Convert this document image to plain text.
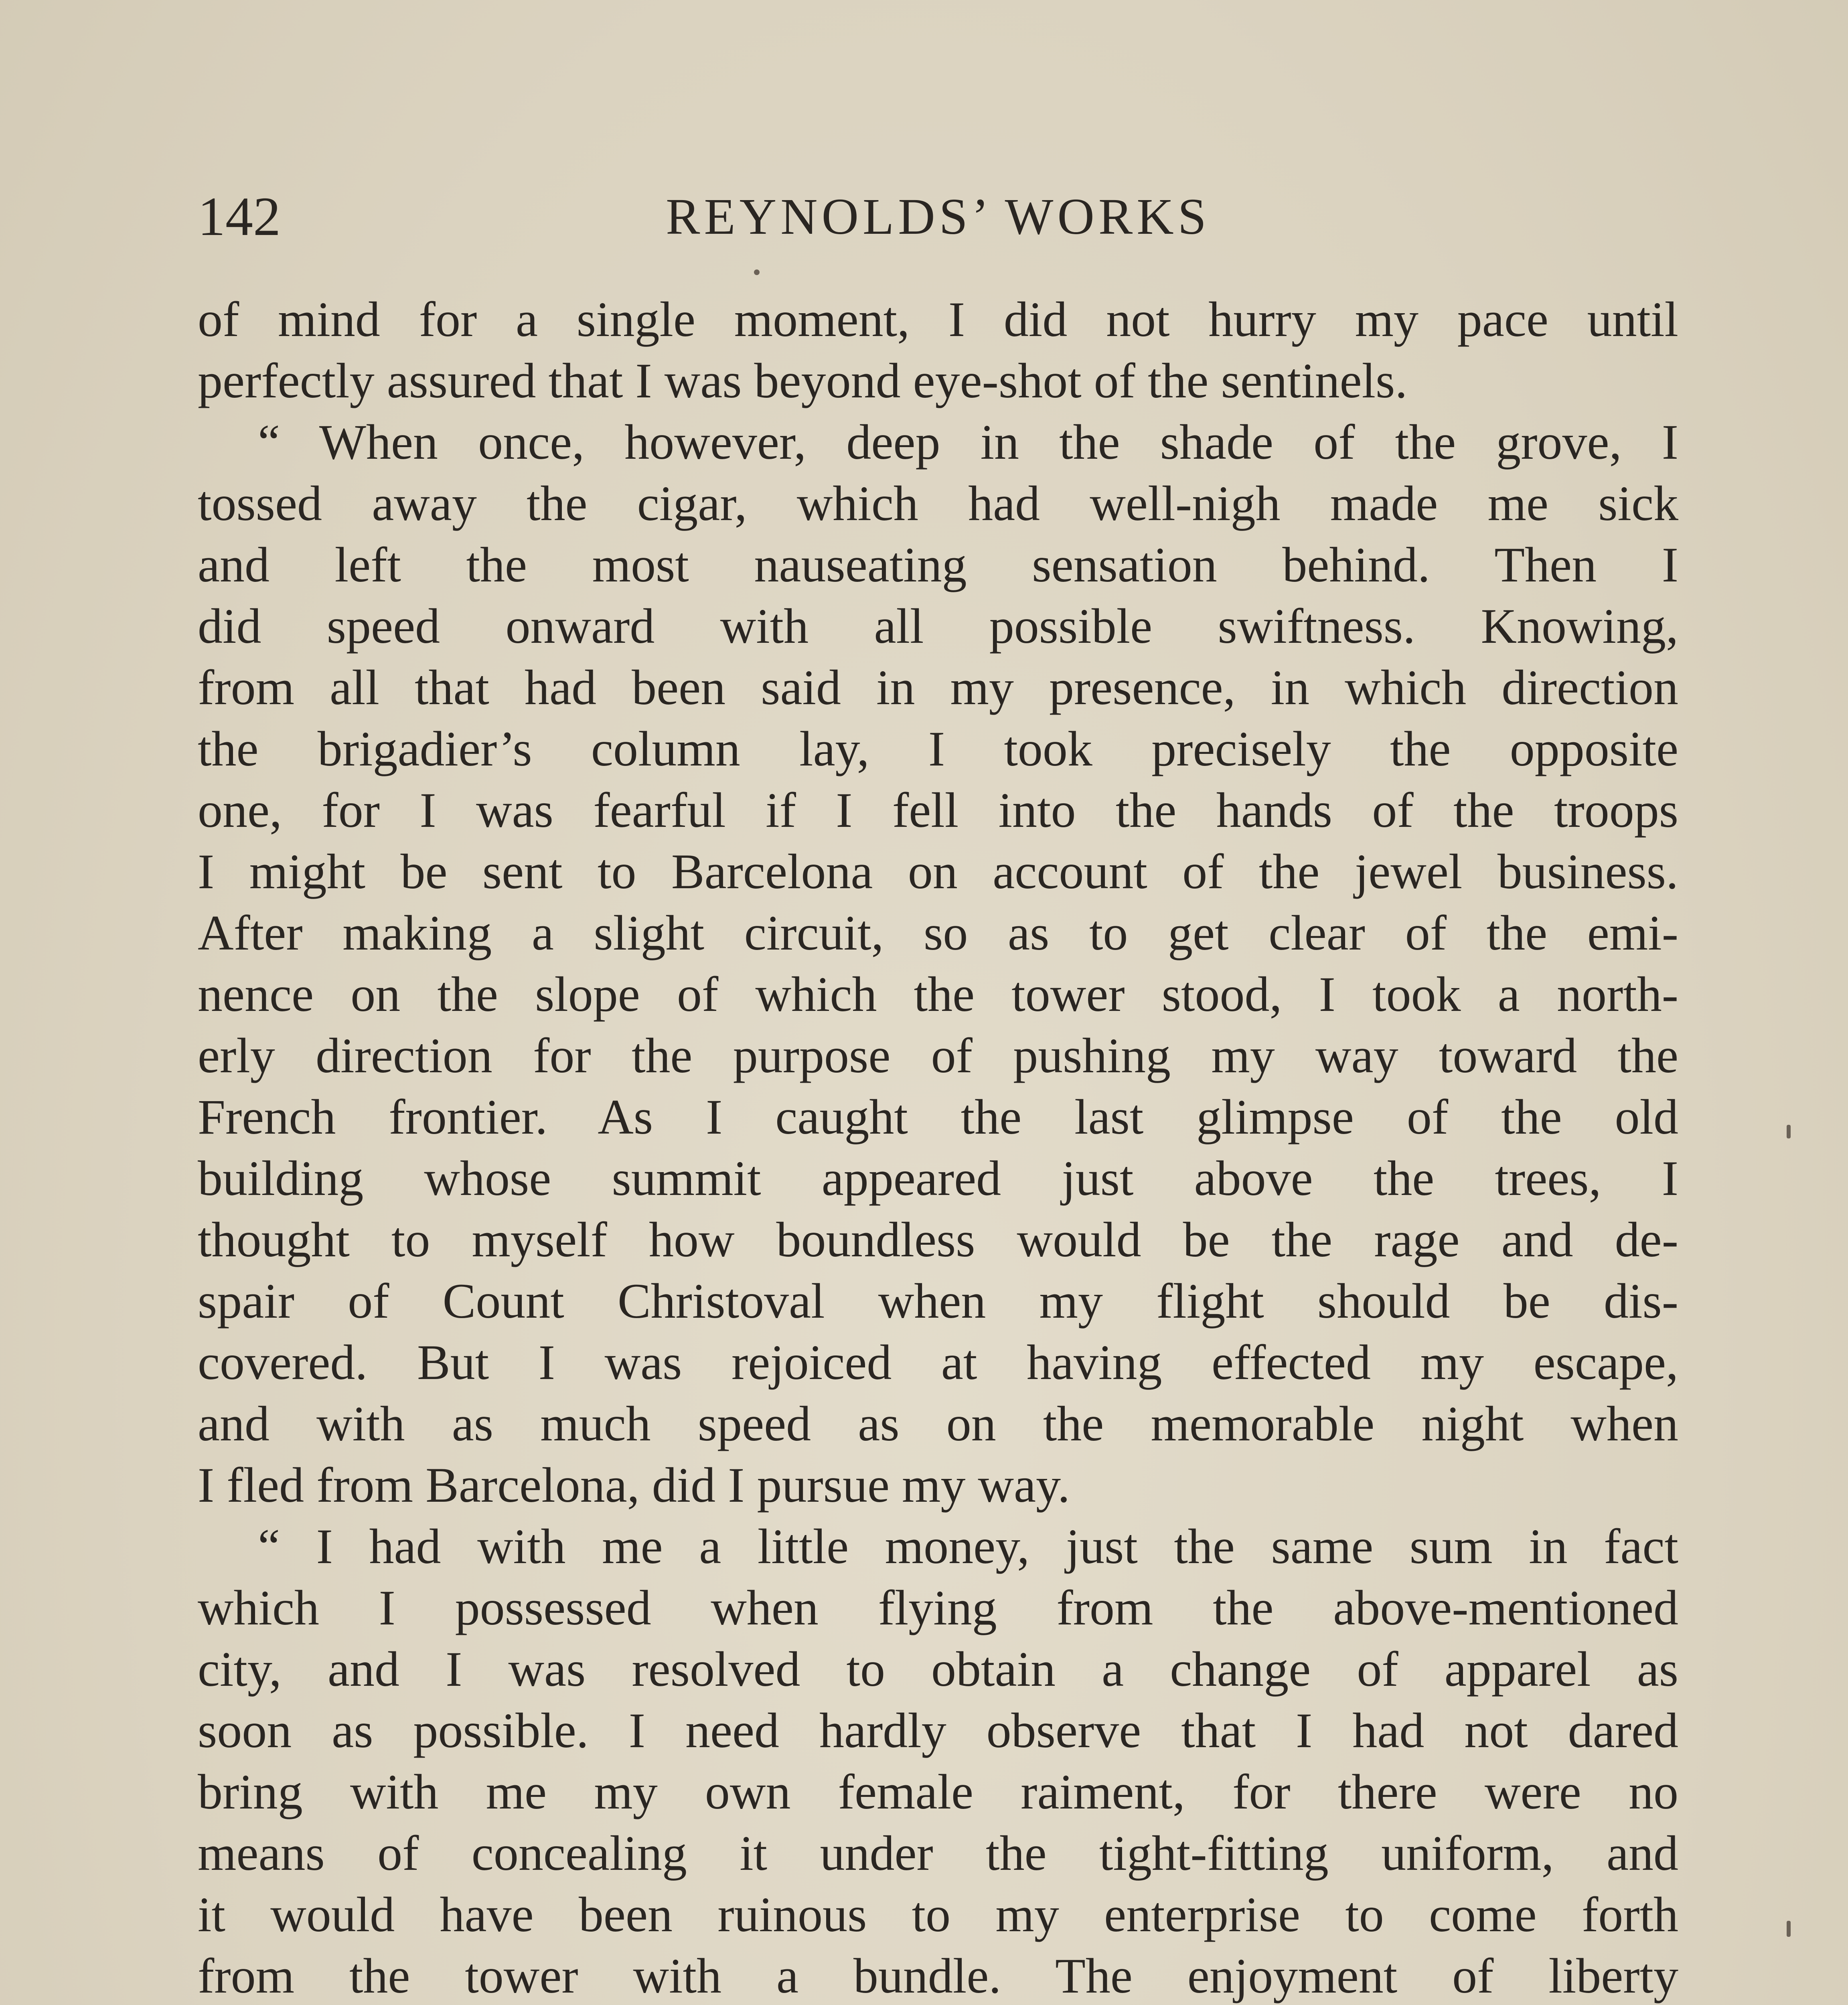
142	REYNOLDS’ WORKS
of mind for a single moment, I did not hurry my pace until
perfectly assured that I was beyond eye-shot of the sentinels.
“ When once, however, deep in the shade of the grove, I
tossed away the cigar, which had well-nigh made me sick
and left the most nauseating sensation behind. Then I
did speed onward with all possible swiftness. Knowing,
from all that had been said in my presence, in which direction
the brigadier’s column lay, I took precisely the opposite
one, for I was fearful if I fell into the hands of the troops
I might be sent to Barcelona on account of the jewel business.
After making a slight circuit, so as to get clear of the emi-
nence on the slope of which the tower stood, I took a north-
erly direction for the purpose of pushing my way toward the
French frontier. As I caught the last glimpse of the old
building whose summit appeared just above the trees, I
thought to myself how boundless would be the rage and de-
spair of Count Christoval when my flight should be dis-
covered. But I was rejoiced at having effected my escape,
and with as much speed as on the memorable night when
I fled from Barcelona, did I pursue my way.
“ I had with me a little money, just the same sum in fact
which I possessed when flying from the above-mentioned
city, and I was resolved to obtain a change of apparel as
soon as possible. I need hardly observe that I had not dared
bring with me my own female raiment, for there were no
means of concealing it under the tight-fitting uniform, and
it would have been ruinous to my enterprise to come forth
from the tower with a bundle. The enjoyment of liberty
